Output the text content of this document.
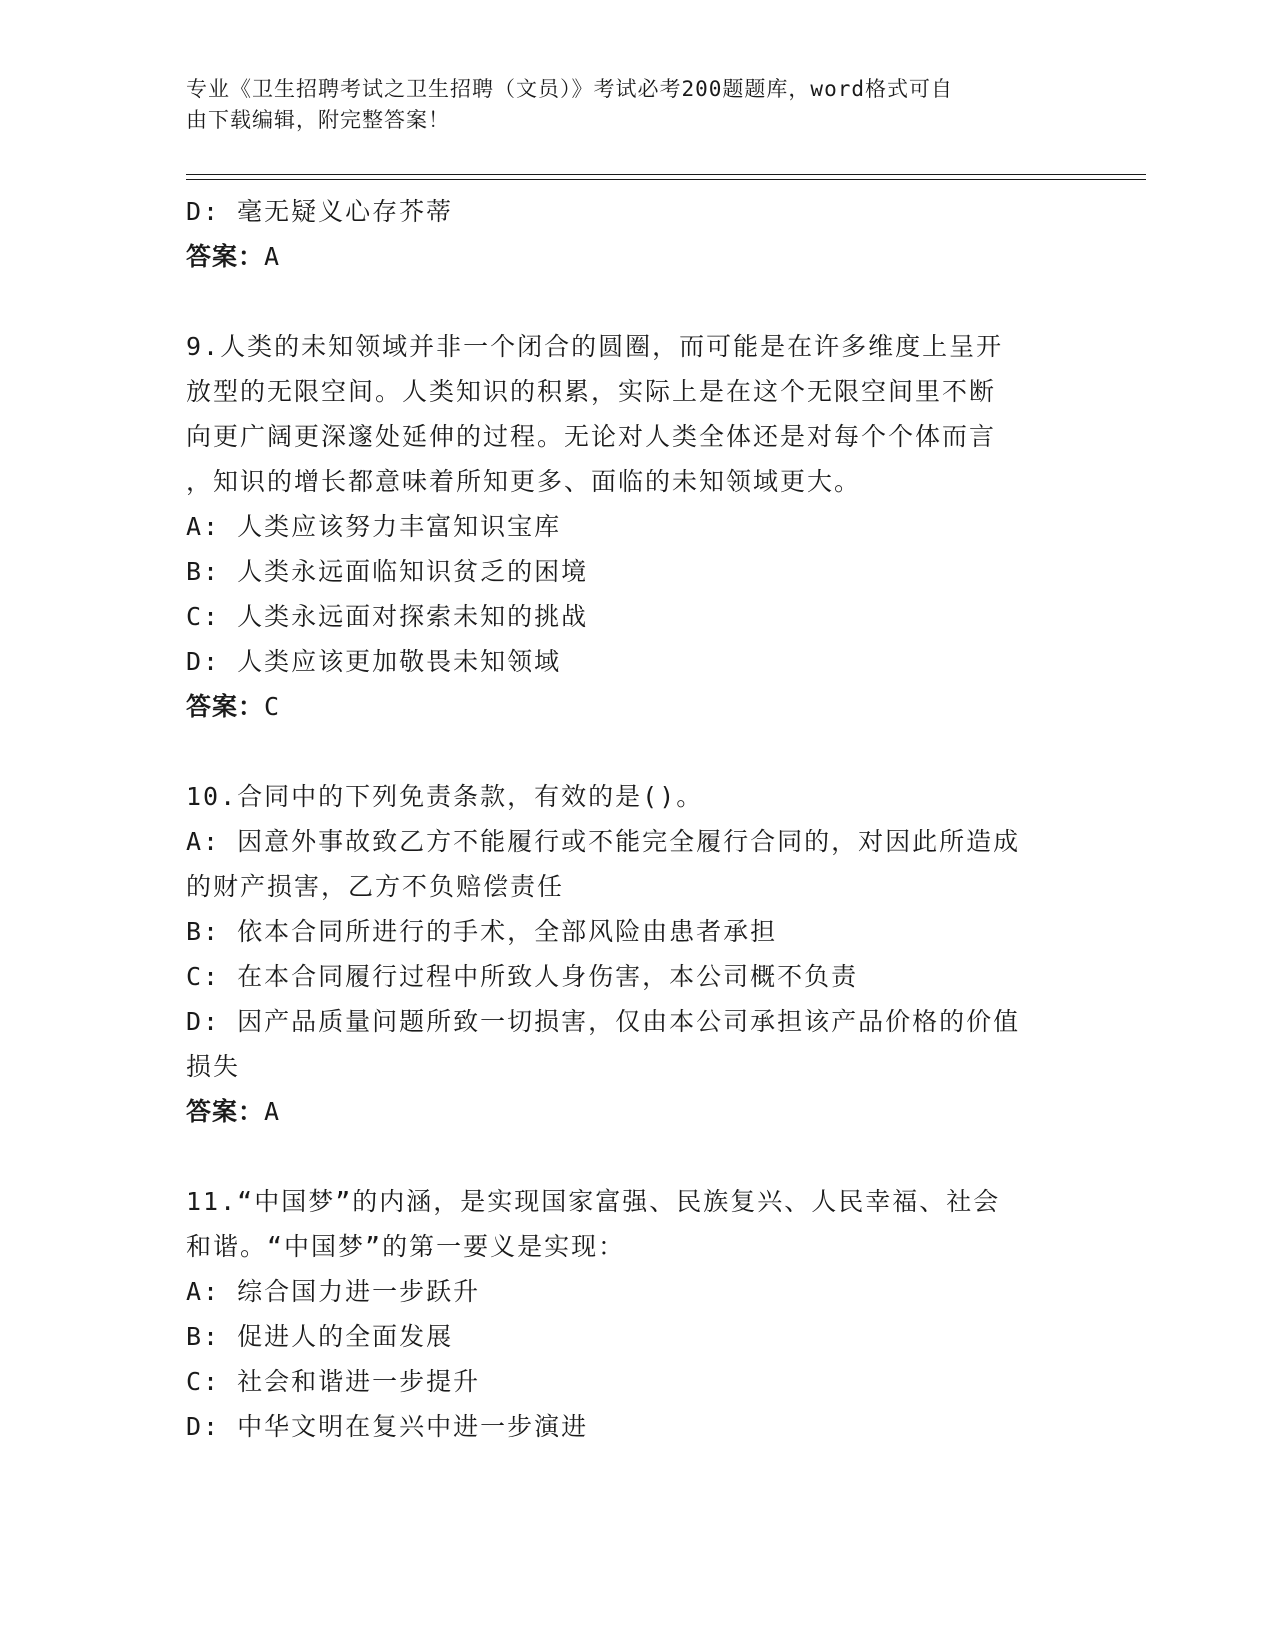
专业《卫生招聘考试之卫生招聘（文员）》考试必考200题题库，word格式可自
由下载编辑，附完整答案！
D: 毫无疑义心存芥蒂
答案：A
9.人类的未知领域并非一个闭合的圆圈，而可能是在许多维度上呈开
放型的无限空间。人类知识的积累，实际上是在这个无限空间里不断
向更广阔更深邃处延伸的过程。无论对人类全体还是对每个个体而言
，知识的增长都意味着所知更多、面临的未知领域更大。
A: 人类应该努力丰富知识宝库
B: 人类永远面临知识贫乏的困境
C: 人类永远面对探索未知的挑战
D: 人类应该更加敬畏未知领域
答案：C
10.合同中的下列免责条款，有效的是()。
A: 因意外事故致乙方不能履行或不能完全履行合同的，对因此所造成
的财产损害，乙方不负赔偿责任
B: 依本合同所进行的手术，全部风险由患者承担
C: 在本合同履行过程中所致人身伤害，本公司概不负责
D: 因产品质量问题所致一切损害，仅由本公司承担该产品价格的价值
损失
答案：A
11.“中国梦”的内涵，是实现国家富强、民族复兴、人民幸福、社会
和谐。“中国梦”的第一要义是实现：
A: 综合国力进一步跃升
B: 促进人的全面发展
C: 社会和谐进一步提升
D: 中华文明在复兴中进一步演进
